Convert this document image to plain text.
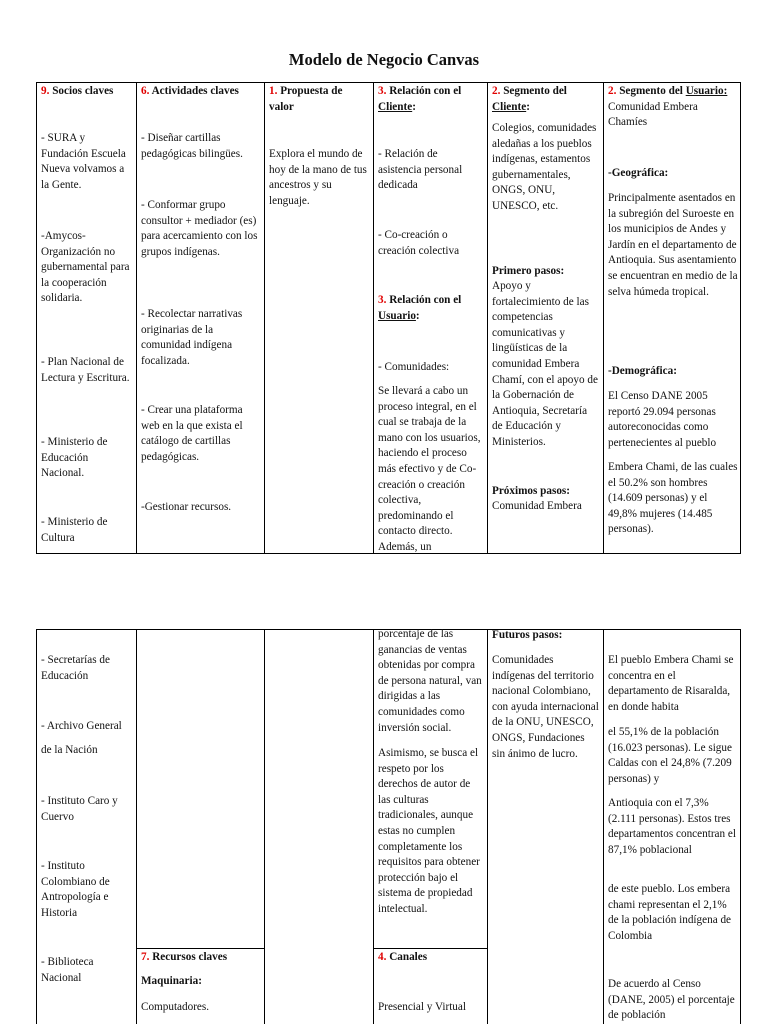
Modelo de Negocio Canvas
9. Socios claves

- SURA y Fundación Escuela Nueva volvamos a la Gente.

-Amycos-Organización no gubernamental para la cooperación solidaria.

- Plan Nacional de Lectura y Escritura.

- Ministerio de Educación Nacional.

- Ministerio de Cultura

6. Actividades claves

- Diseñar cartillas pedagógicas bilingües.

- Conformar grupo consultor + mediador (es) para acercamiento con los grupos indígenas.

- Recolectar narrativas originarias de la comunidad indígena focalizada.

- Crear una plataforma web en la que exista el catálogo de cartillas pedagógicas.

-Gestionar recursos.

1. Propuesta de valor

Explora el mundo de hoy de la mano de tus ancestros y su lenguaje.

3. Relación con el Cliente:

- Relación de asistencia personal dedicada

- Co-creación o creación colectiva

3. Relación con el Usuario:

- Comunidades:

Se llevará a cabo un proceso integral, en el cual se trabaja de la mano con los usuarios, haciendo el proceso más efectivo y de Co-creación o creación colectiva, predominando el contacto directo. Además, un

2. Segmento del Cliente:

Colegios, comunidades aledañas a los pueblos indígenas, estamentos gubernamentales, ONGS, ONU, UNESCO, etc.

Primero pasos:

Apoyo y fortalecimiento de las competencias comunicativas y lingüísticas de la comunidad Embera Chamí, con el apoyo de la Gobernación de Antioquia, Secretaría de Educación y Ministerios.

Próximos pasos:

Comunidad Embera

2. Segmento del Usuario: Comunidad Embera Chamíes

-Geográfica:

Principalmente asentados en la subregión del Suroeste en los municipios de Andes y Jardín en el departamento de Antioquia. Sus asentamiento se encuentran en medio de la selva húmeda tropical.

-Demográfica:

El Censo DANE 2005 reportó 29.094 personas autoreconocidas como pertenecientes al pueblo

Embera Chami, de las cuales el 50.2% son hombres (14.609 personas) y el 49,8% mujeres (14.485 personas).

- Secretarías de Educación

- Archivo General

de la Nación

- Instituto Caro y Cuervo

- Instituto Colombiano de Antropología e Historia

- Biblioteca Nacional

7. Recursos claves

Maquinaria:

Computadores.

porcentaje de las ganancias de ventas obtenidas por compra de persona natural, van dirigidas a las comunidades como inversión social.

Asimismo, se busca el respeto por los derechos de autor de las culturas tradicionales, aunque estas no cumplen completamente los requisitos para obtener protección bajo el sistema de propiedad intelectual.

4. Canales

Presencial y Virtual

Futuros pasos:

Comunidades indígenas del territorio nacional Colombiano, con ayuda internacional de la ONU, UNESCO, ONGS, Fundaciones sin ánimo de lucro.

El pueblo Embera Chami se concentra en el departamento de Risaralda, en donde habita

el 55,1% de la población (16.023 personas). Le sigue Caldas con el 24,8% (7.209 personas) y

Antioquia con el 7,3% (2.111 personas). Estos tres departamentos concentran el 87,1% poblacional

de este pueblo. Los embera chami representan el 2,1% de la población indígena de Colombia

De acuerdo al Censo (DANE, 2005) el porcentaje de población
